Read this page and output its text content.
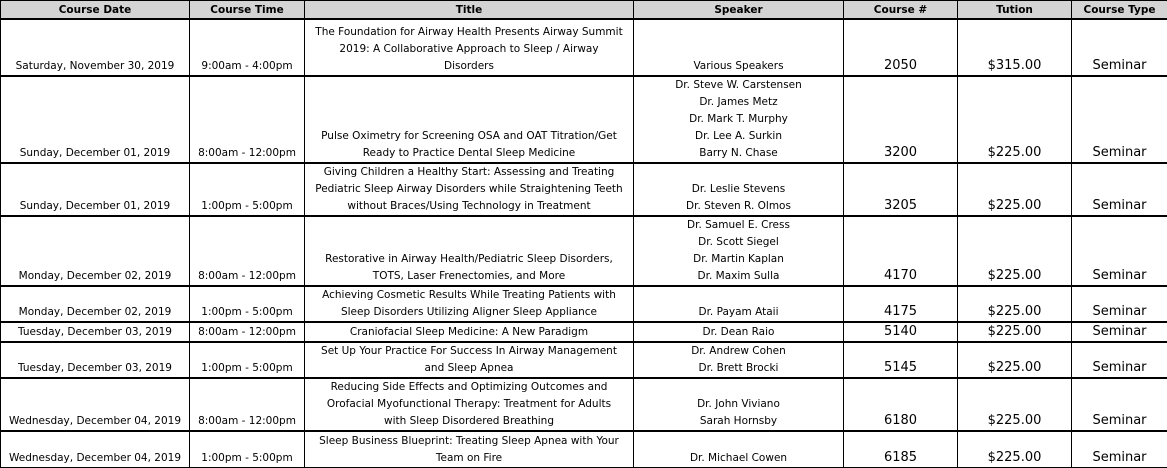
Course Date	Course Time	Title	Speaker	Course #	Tution	Course Type
Saturday, November 30, 2019	9:00am - 4:00pm	The Foundation for Airway Health Presents Airway Summit
2019: A Collaborative Approach to Sleep / Airway
Disorders	Various Speakers	2050	$315.00	Seminar
Sunday, December 01, 2019	8:00am - 12:00pm	Pulse Oximetry for Screening OSA and OAT Titration/Get
Ready to Practice Dental Sleep Medicine	Dr. Steve W. Carstensen
Dr. James Metz
Dr. Mark T. Murphy
Dr. Lee A. Surkin
Barry N. Chase	3200	$225.00	Seminar
Sunday, December 01, 2019	1:00pm - 5:00pm	Giving Children a Healthy Start: Assessing and Treating
Pediatric Sleep Airway Disorders while Straightening Teeth
without Braces/Using Technology in Treatment	Dr. Leslie Stevens
Dr. Steven R. Olmos	3205	$225.00	Seminar
Monday, December 02, 2019	8:00am - 12:00pm	Restorative in Airway Health/Pediatric Sleep Disorders,
TOTS, Laser Frenectomies, and More	Dr. Samuel E. Cress
Dr. Scott Siegel
Dr. Martin Kaplan
Dr. Maxim Sulla	4170	$225.00	Seminar
Monday, December 02, 2019	1:00pm - 5:00pm	Achieving Cosmetic Results While Treating Patients with
Sleep Disorders Utilizing Aligner Sleep Appliance	Dr. Payam Ataii	4175	$225.00	Seminar
Tuesday, December 03, 2019	8:00am - 12:00pm	Craniofacial Sleep Medicine: A New Paradigm	Dr. Dean Raio	5140	$225.00	Seminar
Tuesday, December 03, 2019	1:00pm - 5:00pm	Set Up Your Practice For Success In Airway Management
and Sleep Apnea	Dr. Andrew Cohen
Dr. Brett Brocki	5145	$225.00	Seminar
Wednesday, December 04, 2019	8:00am - 12:00pm	Reducing Side Effects and Optimizing Outcomes and
Orofacial Myofunctional Therapy: Treatment for Adults
with Sleep Disordered Breathing	Dr. John Viviano
Sarah Hornsby	6180	$225.00	Seminar
Wednesday, December 04, 2019	1:00pm - 5:00pm	Sleep Business Blueprint: Treating Sleep Apnea with Your
Team on Fire	Dr. Michael Cowen	6185	$225.00	Seminar
